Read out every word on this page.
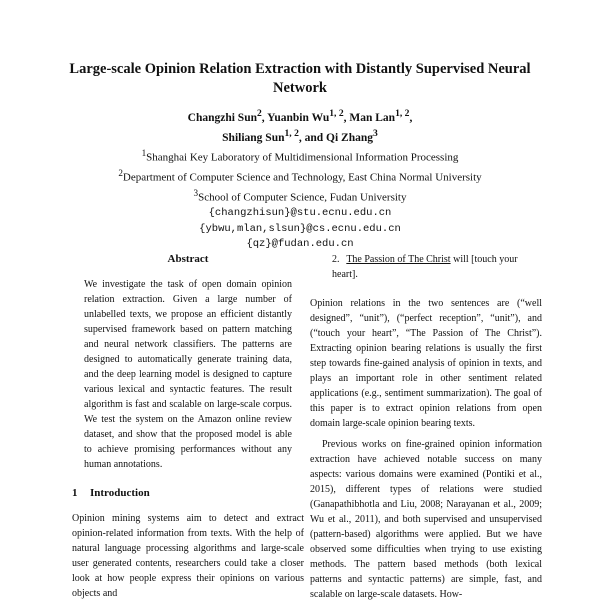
Large-scale Opinion Relation Extraction with Distantly Supervised Neural Network
Changzhi Sun$^2$, Yuanbin Wu$^{1, 2}$, Man Lan$^{1, 2}$,
Shiliang Sun$^{1, 2}$, and Qi Zhang$^3$
$^1$Shanghai Key Laboratory of Multidimensional Information Processing
$^2$Department of Computer Science and Technology, East China Normal University
$^3$School of Computer Science, Fudan University
{changzhisun}@stu.ecnu.edu.cn
{ybwu,mlan,slsun}@cs.ecnu.edu.cn
{qz}@fudan.edu.cn
Abstract

We investigate the task of open domain opinion relation extraction. Given a large number of unlabelled texts, we propose an efficient distantly supervised framework based on pattern matching and neural network classifiers. The patterns are designed to automatically generate training data, and the deep learning model is designed to capture various lexical and syntactic features. The result algorithm is fast and scalable on large-scale corpus. We test the system on the Amazon online review dataset, and show that the proposed model is able to achieve promising performances without any human annotations.

1 Introduction

Opinion mining systems aim to detect and extract opinion-related information from texts. With the help of natural language processing algorithms and large-scale user generated contents, researchers could take a closer look at how people express their opinions on various objects and

2. The Passion of The Christ will [touch your heart].

Opinion relations in the two sentences are (“well designed”, “unit”), (“perfect reception”, “unit”), and (“touch your heart”, “The Passion of The Christ”). Extracting opinion bearing relations is usually the first step towards fine-gained analysis of opinion in texts, and plays an important role in other sentiment related applications (e.g., sentiment summarization). The goal of this paper is to extract opinion relations from open domain large-scale opinion bearing texts.

Previous works on fine-grained opinion information extraction have achieved notable success on many aspects: various domains were examined (Pontiki et al., 2015), different types of relations were studied (Ganapathibhotla and Liu, 2008; Narayanan et al., 2009; Wu et al., 2011), and both supervised and unsupervised (pattern-based) algorithms were applied. But we have observed some difficulties when trying to use existing methods. The pattern based methods (both lexical patterns and syntactic patterns) are simple, fast, and scalable on large-scale datasets. How-
